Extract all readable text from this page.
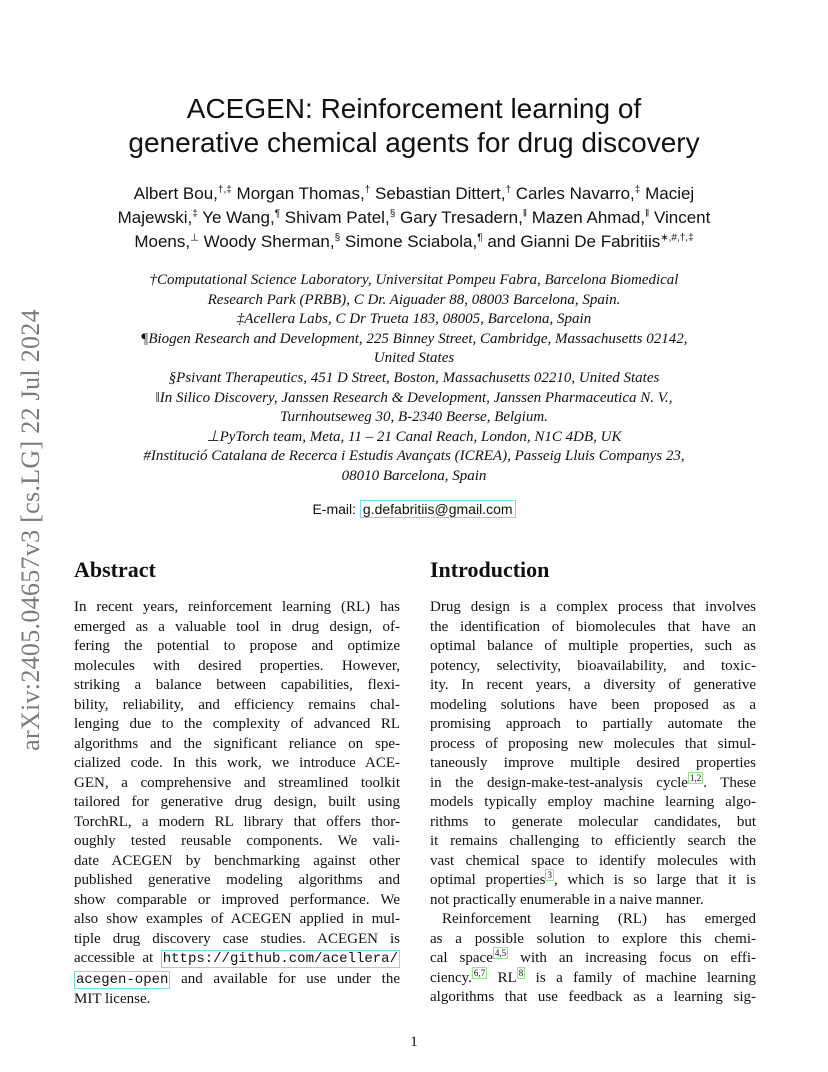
arXiv:2405.04657v3 [cs.LG] 22 Jul 2024
ACEGEN: Reinforcement learning of
generative chemical agents for drug discovery
Albert Bou,†,‡ Morgan Thomas,† Sebastian Dittert,† Carles Navarro,‡ Maciej
Majewski,‡ Ye Wang,¶ Shivam Patel,§ Gary Tresadern,‖ Mazen Ahmad,‖ Vincent
Moens,⊥ Woody Sherman,§ Simone Sciabola,¶ and Gianni De Fabritiis∗,#,†,‡
†Computational Science Laboratory, Universitat Pompeu Fabra, Barcelona Biomedical
Research Park (PRBB), C Dr. Aiguader 88, 08003 Barcelona, Spain.
‡Acellera Labs, C Dr Trueta 183, 08005, Barcelona, Spain
¶Biogen Research and Development, 225 Binney Street, Cambridge, Massachusetts 02142,
United States
§Psivant Therapeutics, 451 D Street, Boston, Massachusetts 02210, United States
‖In Silico Discovery, Janssen Research & Development, Janssen Pharmaceutica N. V.,
Turnhoutseweg 30, B-2340 Beerse, Belgium.
⊥PyTorch team, Meta, 11 – 21 Canal Reach, London, N1C 4DB, UK
#Institució Catalana de Recerca i Estudis Avançats (ICREA), Passeig Lluis Companys 23,
08010 Barcelona, Spain
E-mail: g.defabritiis@gmail.com
Abstract
In recent years, reinforcement learning (RL) has
emerged as a valuable tool in drug design, of-
fering the potential to propose and optimize
molecules with desired properties. However,
striking a balance between capabilities, flexi-
bility, reliability, and efficiency remains chal-
lenging due to the complexity of advanced RL
algorithms and the significant reliance on spe-
cialized code. In this work, we introduce ACE-
GEN, a comprehensive and streamlined toolkit
tailored for generative drug design, built using
TorchRL, a modern RL library that offers thor-
oughly tested reusable components. We vali-
date ACEGEN by benchmarking against other
published generative modeling algorithms and
show comparable or improved performance. We
also show examples of ACEGEN applied in mul-
tiple drug discovery case studies. ACEGEN is
accessible at https://github.com/acellera/
acegen-open and available for use under the
MIT license.
Introduction
Drug design is a complex process that involves
the identification of biomolecules that have an
optimal balance of multiple properties, such as
potency, selectivity, bioavailability, and toxic-
ity. In recent years, a diversity of generative
modeling solutions have been proposed as a
promising approach to partially automate the
process of proposing new molecules that simul-
taneously improve multiple desired properties
in the design-make-test-analysis cycle $^{1,2}$ . These
models typically employ machine learning algo-
rithms to generate molecular candidates, but
it remains challenging to efficiently search the
vast chemical space to identify molecules with
optimal properties $^3$ , which is so large that it is
not practically enumerable in a naive manner.
Reinforcement learning (RL) has emerged
as a possible solution to explore this chemi-
cal space $^{4,5}$ with an increasing focus on effi-
ciency. $^{6,7}$ RL $^8$ is a family of machine learning
algorithms that use feedback as a learning sig-
1
